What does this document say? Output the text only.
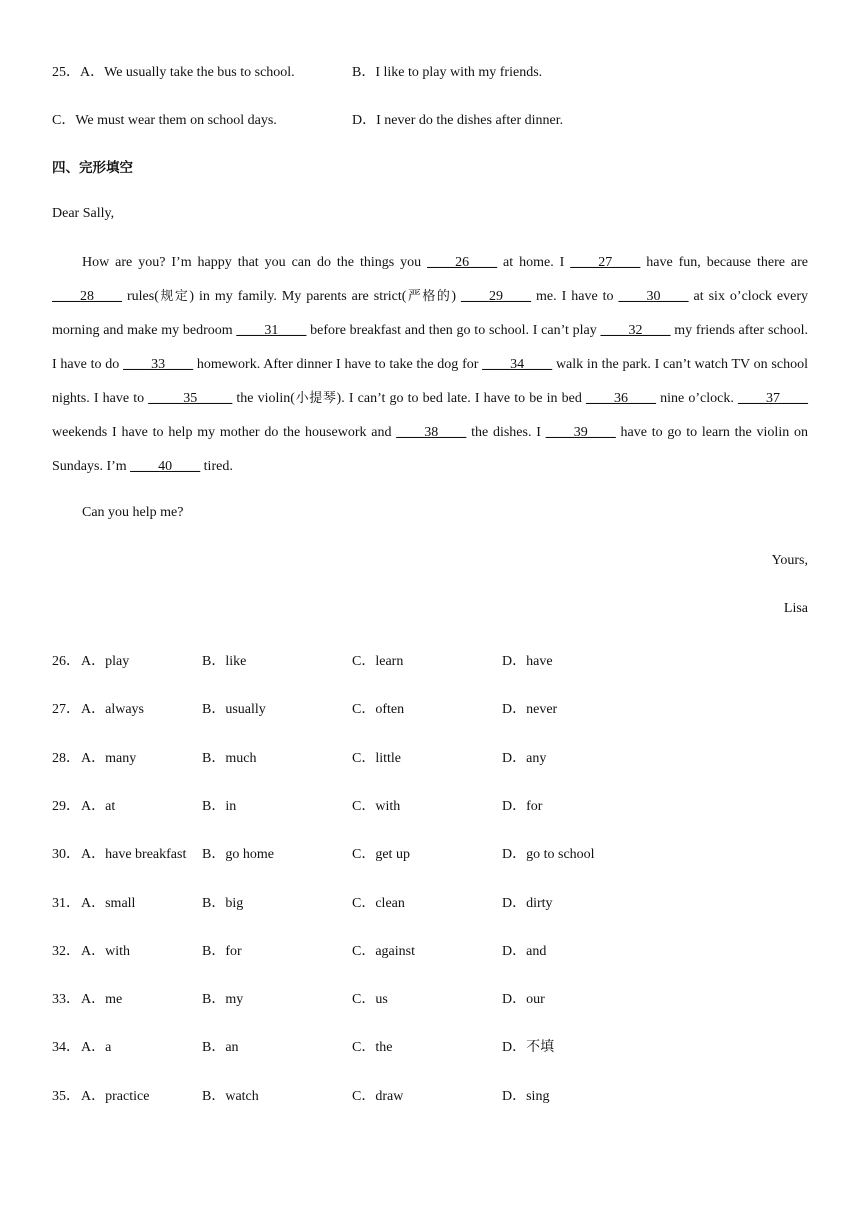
25．A．We usually take the bus to school.	B．I like to play with my friends.
C．We must wear them on school days.	D．I never do the dishes after dinner.
四、完形填空
Dear Sally,
How are you? I’m happy that you can do the things you ____26____ at home. I ____27____ have fun, because there are ____28____ rules(规定) in my family. My parents are strict(严格的) ____29____ me. I have to ____30____ at six o’clock every morning and make my bedroom ____31____ before breakfast and then go to school. I can’t play ____32____ my friends after school. I have to do ____33____ homework. After dinner I have to take the dog for ____34____ walk in the park. I can’t watch TV on school nights. I have to _____35_____ the violin(小提琴). I can’t go to bed late. I have to be in bed ____36____ nine o’clock. ____37____ weekends I have to help my mother do the housework and ____38____ the dishes. I ____39____ have to go to learn the violin on Sundays. I’m ____40____ tired.
Can you help me?
Yours,
Lisa
26． A．play	B．like	C．learn	D．have
27． A．always	B．usually	C．often	D．never
28． A．many	B．much	C．little	D．any
29． A．at	B．in	C．with	D．for
30． A．have breakfast B．go home	C．get up	D．go to school
31． A．small	B．big	C．clean	D．dirty
32． A．with	B．for	C．against	D．and
33． A．me	B．my	C．us	D．our
34． A．a	B．an	C．the	D．不填
35． A．practice	B．watch	C．draw	D．sing
